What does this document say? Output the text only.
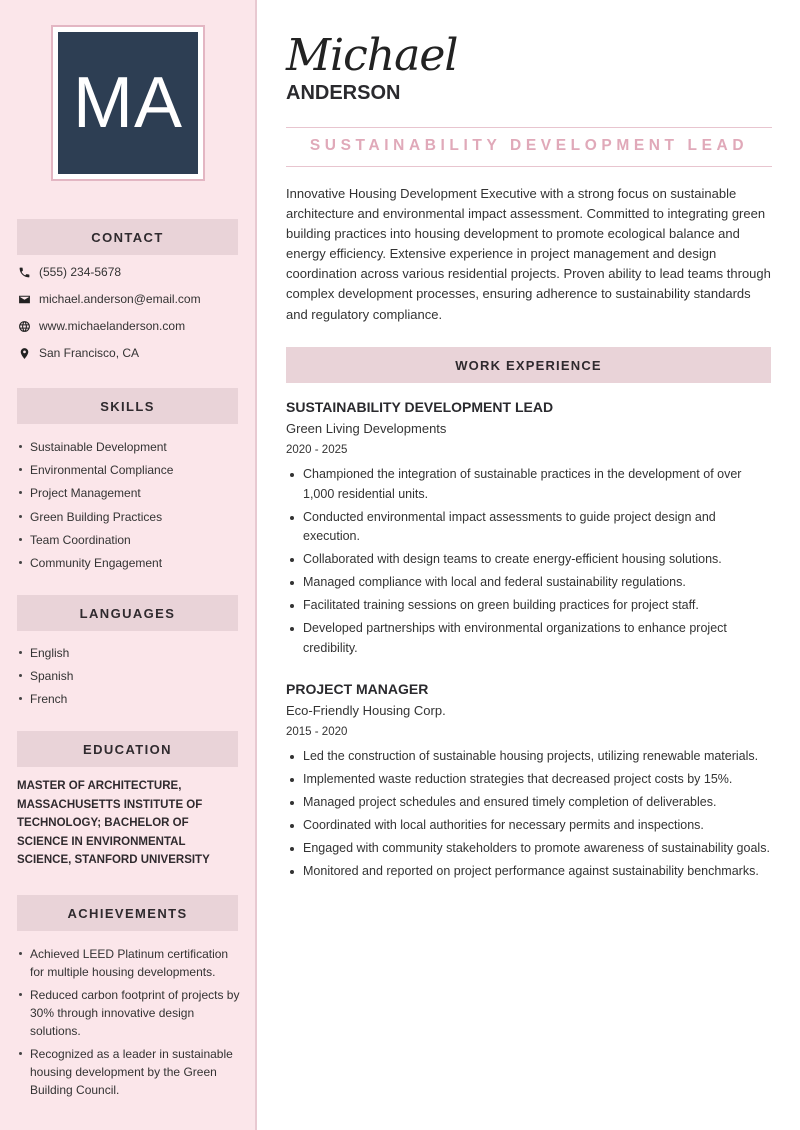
MA
CONTACT
(555) 234-5678
michael.anderson@email.com
www.michaelanderson.com
San Francisco, CA
SKILLS
Sustainable Development
Environmental Compliance
Project Management
Green Building Practices
Team Coordination
Community Engagement
LANGUAGES
English
Spanish
French
EDUCATION
MASTER OF ARCHITECTURE, MASSACHUSETTS INSTITUTE OF TECHNOLOGY; BACHELOR OF SCIENCE IN ENVIRONMENTAL SCIENCE, STANFORD UNIVERSITY
ACHIEVEMENTS
Achieved LEED Platinum certification for multiple housing developments.
Reduced carbon footprint of projects by 30% through innovative design solutions.
Recognized as a leader in sustainable housing development by the Green Building Council.
Michael
ANDERSON
SUSTAINABILITY DEVELOPMENT LEAD

Innovative Housing Development Executive with a strong focus on sustainable architecture and environmental impact assessment. Committed to integrating green building practices into housing development to promote ecological balance and energy efficiency. Extensive experience in project management and design coordination across various residential projects. Proven ability to lead teams through complex development processes, ensuring adherence to sustainability standards and regulatory compliance.

WORK EXPERIENCE
SUSTAINABILITY DEVELOPMENT LEAD
Green Living Developments
2020 - 2025
Championed the integration of sustainable practices in the development of over 1,000 residential units.
Conducted environmental impact assessments to guide project design and execution.
Collaborated with design teams to create energy-efficient housing solutions.
Managed compliance with local and federal sustainability regulations.
Facilitated training sessions on green building practices for project staff.
Developed partnerships with environmental organizations to enhance project credibility.
PROJECT MANAGER
Eco-Friendly Housing Corp.
2015 - 2020
Led the construction of sustainable housing projects, utilizing renewable materials.
Implemented waste reduction strategies that decreased project costs by 15%.
Managed project schedules and ensured timely completion of deliverables.
Coordinated with local authorities for necessary permits and inspections.
Engaged with community stakeholders to promote awareness of sustainability goals.
Monitored and reported on project performance against sustainability benchmarks.
